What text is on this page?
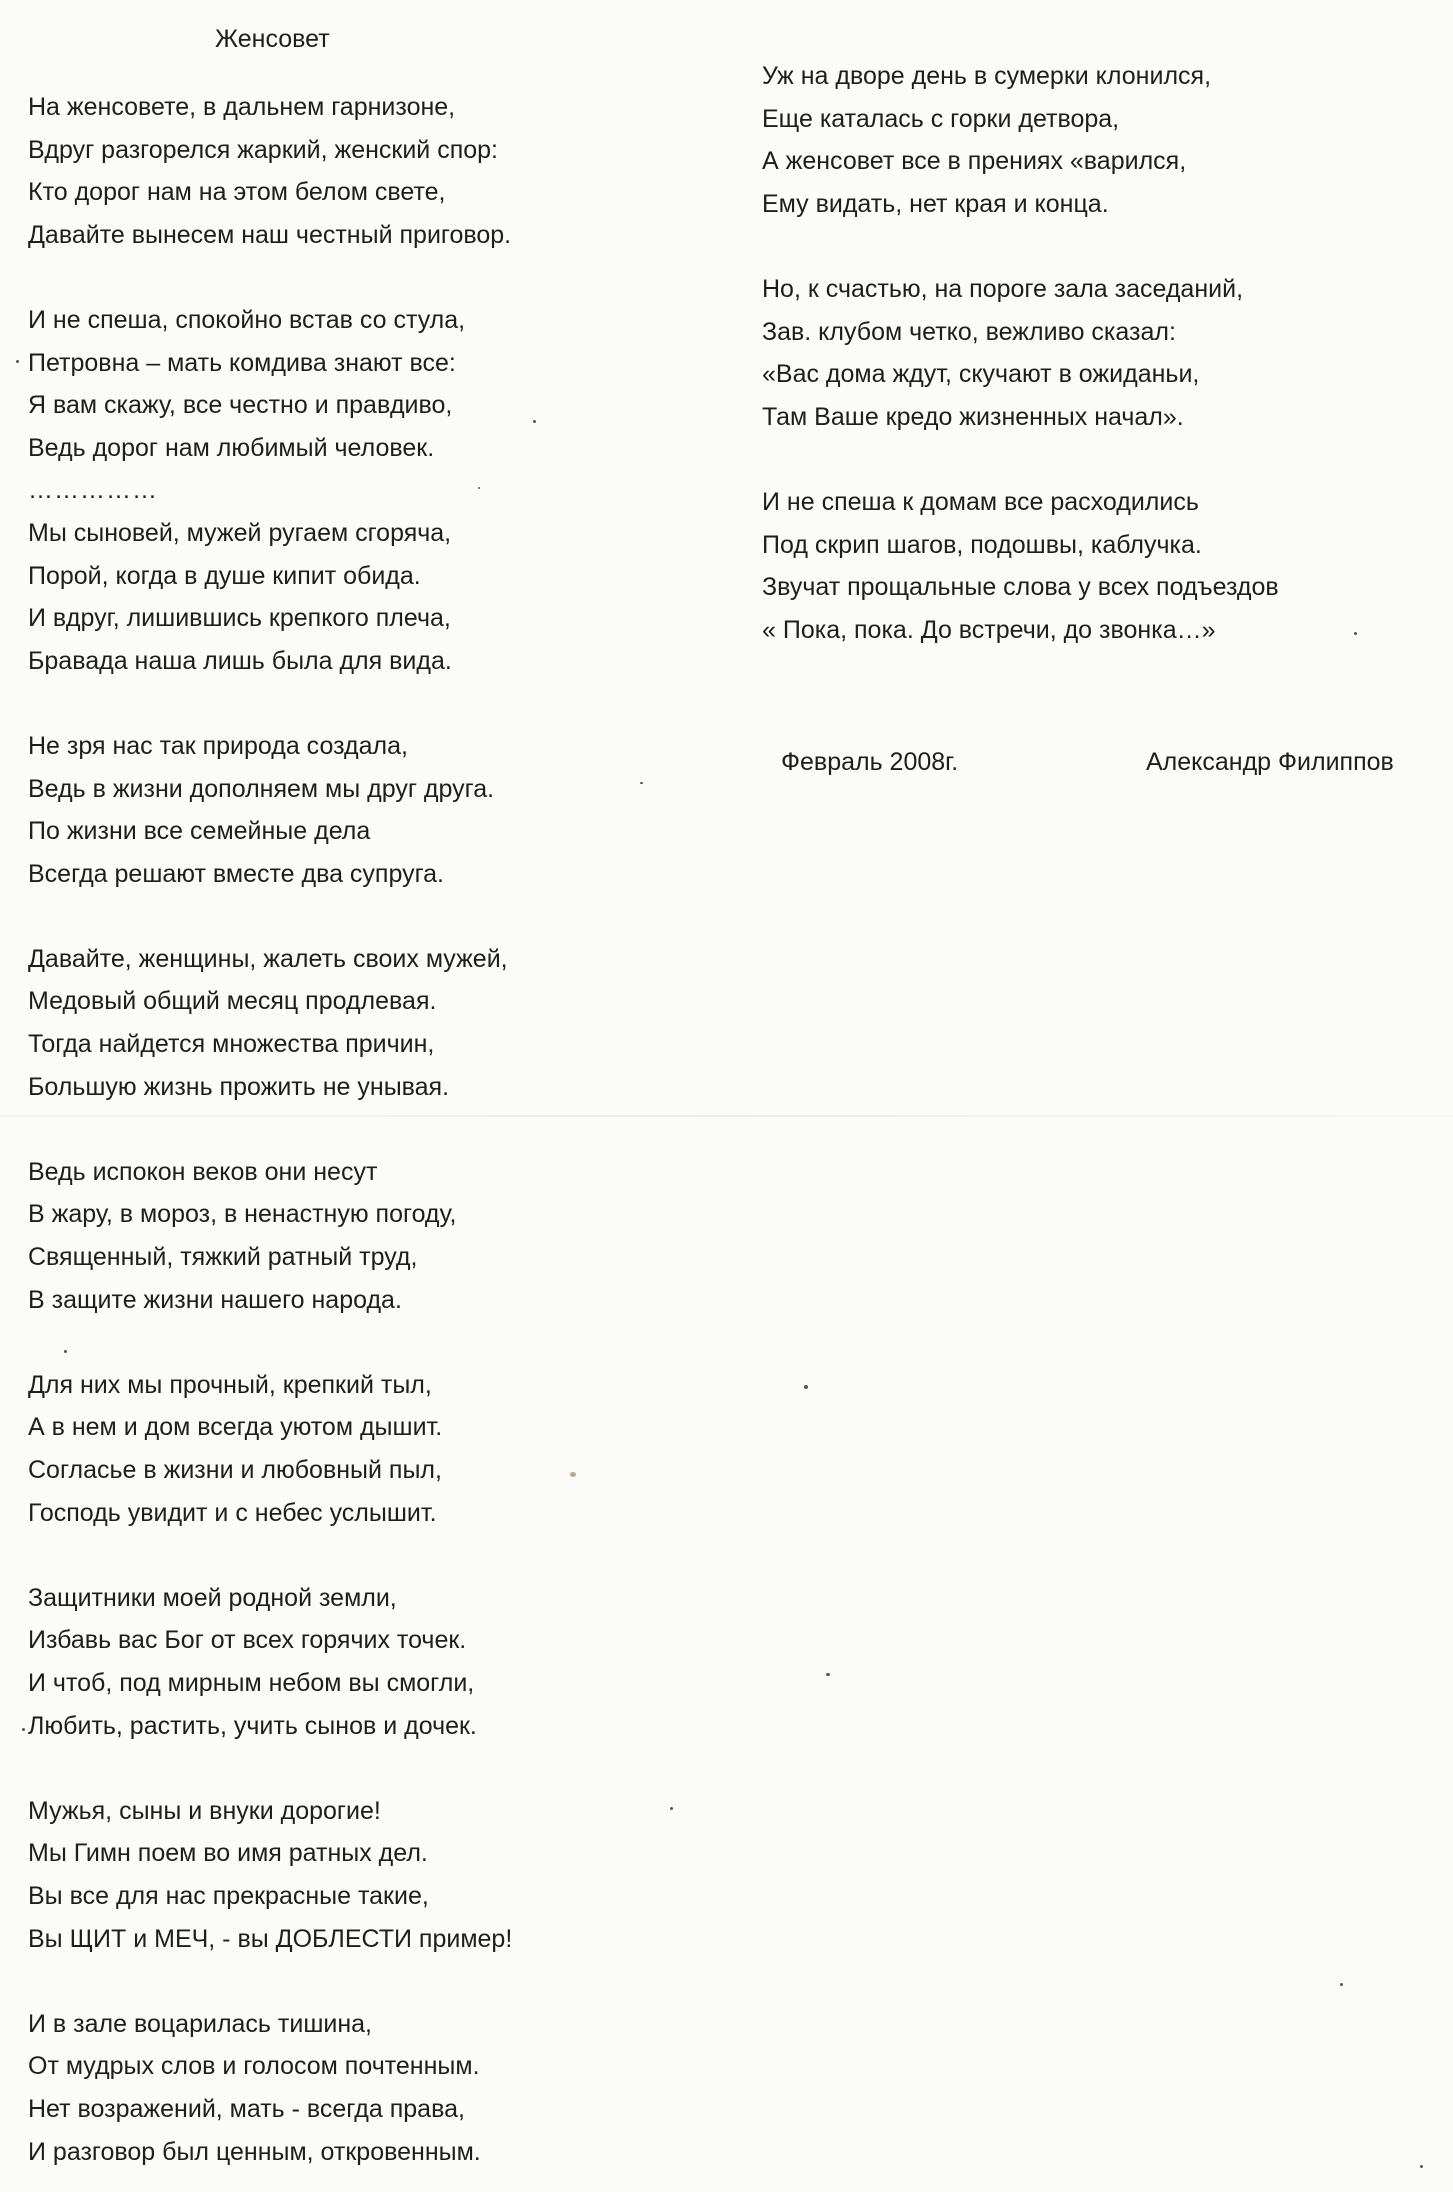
Женсовет
На женсовете, в дальнем гарнизоне,
Вдруг разгорелся жаркий, женский спор:
Кто дорог нам на этом белом свете,
Давайте вынесем наш честный приговор.
И не спеша, спокойно встав со стула,
Петровна – мать комдива знают все:
Я вам скажу, все честно и правдиво,
Ведь дорог нам любимый человек.
……………
Мы сыновей, мужей ругаем сгоряча,
Порой, когда в душе кипит обида.
И вдруг, лишившись крепкого плеча,
Бравада наша лишь была для вида.
Не зря нас так природа создала,
Ведь в жизни дополняем мы друг друга.
По жизни все семейные дела
Всегда решают вместе два супруга.
Давайте, женщины, жалеть своих мужей,
Медовый общий месяц продлевая.
Тогда найдется множества причин,
Большую жизнь прожить не унывая.
Ведь испокон веков они несут
В жару, в мороз, в ненастную погоду,
Священный, тяжкий ратный труд,
В защите жизни нашего народа.
Для них мы прочный, крепкий тыл,
А в нем и дом всегда уютом дышит.
Согласье в жизни и любовный пыл,
Господь увидит и с небес услышит.
Защитники моей родной земли,
Избавь вас Бог от всех горячих точек.
И чтоб, под мирным небом вы смогли,
Любить, растить, учить сынов и дочек.
Мужья, сыны и внуки дорогие!
Мы Гимн поем во имя ратных дел.
Вы все для нас прекрасные такие,
Вы ЩИТ и МЕЧ, - вы ДОБЛЕСТИ пример!
И в зале воцарилась тишина,
От мудрых слов и голосом почтенным.
Нет возражений, мать - всегда права,
И разговор был ценным, откровенным.
Уж на дворе день в сумерки клонился,
Еще каталась с горки детвора,
А женсовет все в прениях «варился,
Ему видать, нет края и конца.
Но, к счастью, на пороге зала заседаний,
Зав. клубом четко, вежливо сказал:
«Вас дома ждут, скучают в ожиданьи,
Там Ваше кредо жизненных начал».
И не спеша к домам все расходились
Под скрип шагов, подошвы, каблучка.
Звучат прощальные слова у всех подъездов
« Пока, пока. До встречи, до звонка…»
Февраль 2008г.	Александр Филиппов
